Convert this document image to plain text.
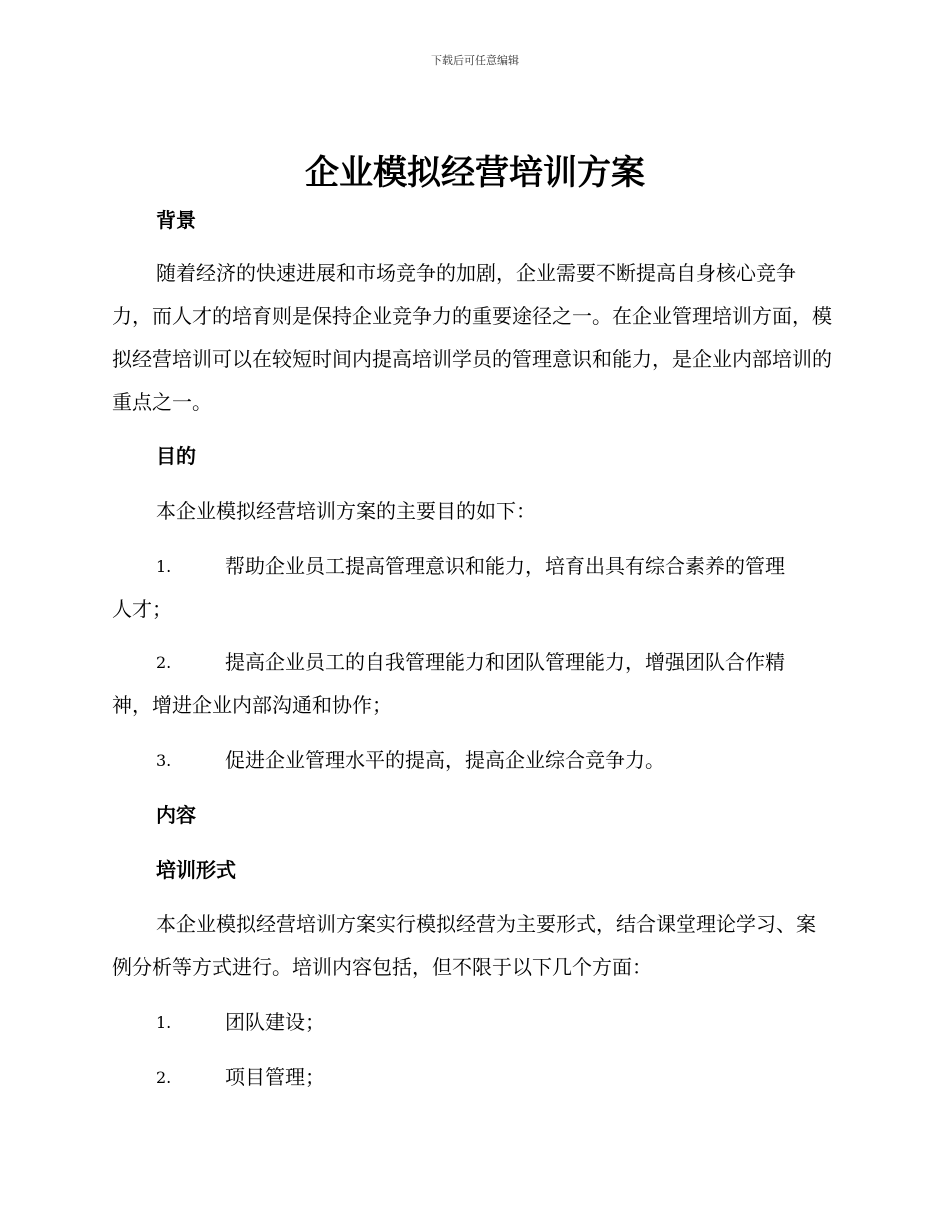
下载后可任意编辑
企业模拟经营培训方案
背景

随着经济的快速进展和市场竞争的加剧，企业需要不断提高自身核心竞争力，而人才的培育则是保持企业竞争力的重要途径之一。在企业管理培训方面，模拟经营培训可以在较短时间内提高培训学员的管理意识和能力，是企业内部培训的重点之一。

目的

本企业模拟经营培训方案的主要目的如下：

1.	帮助企业员工提高管理意识和能力，培育出具有综合素养的管理
人才；
2.	提高企业员工的自我管理能力和团队管理能力，增强团队合作精
神，增进企业内部沟通和协作；
3.	促进企业管理水平的提高，提高企业综合竞争力。
内容
培训形式

本企业模拟经营培训方案实行模拟经营为主要形式，结合课堂理论学习、案例分析等方式进行。培训内容包括，但不限于以下几个方面：

1.	团队建设；
2.	项目管理；
